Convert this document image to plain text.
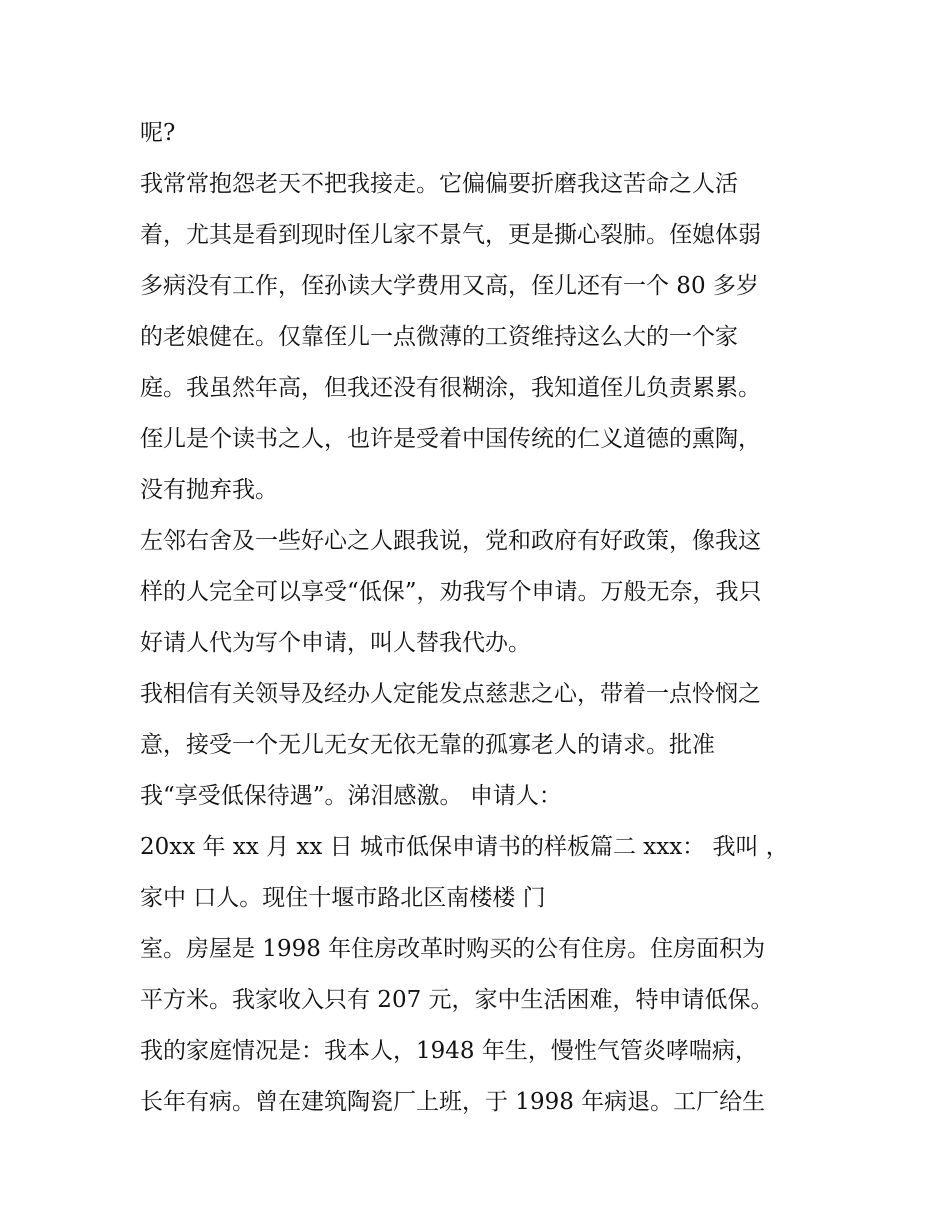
呢?
我常常抱怨老天不把我接走。它偏偏要折磨我这苦命之人活
着，尤其是看到现时侄儿家不景气，更是撕心裂肺。侄媳体弱
多病没有工作，侄孙读大学费用又高，侄儿还有一个 80 多岁
的老娘健在。仅靠侄儿一点微薄的工资维持这么大的一个家
庭。我虽然年高，但我还没有很糊涂，我知道侄儿负责累累。
侄儿是个读书之人，也许是受着中国传统的仁义道德的熏陶，
没有抛弃我。
左邻右舍及一些好心之人跟我说，党和政府有好政策，像我这
样的人完全可以享受“低保”，劝我写个申请。万般无奈，我只
好请人代为写个申请，叫人替我代办。
我相信有关领导及经办人定能发点慈悲之心，带着一点怜悯之
意，接受一个无儿无女无依无靠的孤寡老人的请求。批准
我“享受低保待遇”。涕泪感激。 申请人：
20xx 年 xx 月 xx 日 城市低保申请书的样板篇二 xxx： 我叫 ，
家中 口人。现住十堰市路北区南楼楼 门
室。房屋是 1998 年住房改革时购买的公有住房。住房面积为
平方米。我家收入只有 207 元，家中生活困难，特申请低保。
我的家庭情况是：我本人，1948 年生，慢性气管炎哮喘病，
长年有病。曾在建筑陶瓷厂上班，于 1998 年病退。工厂给生
